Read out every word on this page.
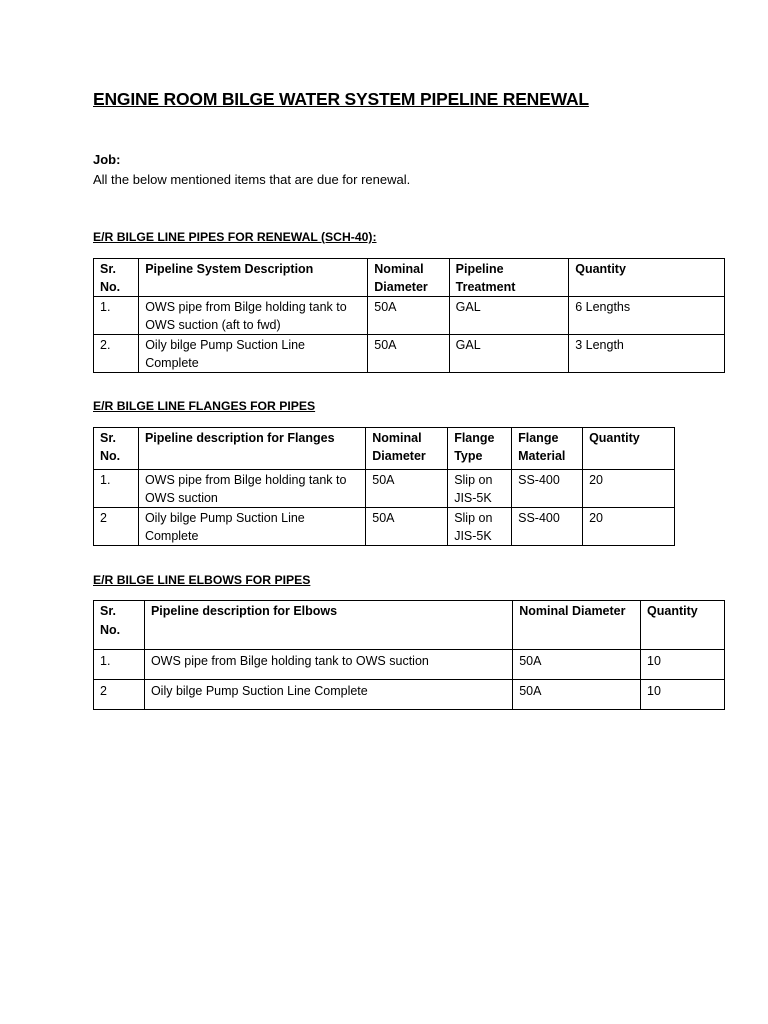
ENGINE ROOM BILGE WATER SYSTEM PIPELINE RENEWAL
Job:
All the below mentioned items that are due for renewal.
E/R BILGE LINE PIPES FOR RENEWAL (SCH-40):
Sr. No.	Pipeline System Description	Nominal Diameter	Pipeline Treatment	Quantity
1.	OWS pipe from Bilge holding tank to OWS suction (aft to fwd)	50A	GAL	6 Lengths
2.	Oily bilge Pump Suction Line Complete	50A	GAL	3 Length
E/R BILGE LINE FLANGES FOR PIPES
Sr. No.	Pipeline description for Flanges	Nominal Diameter	Flange Type	Flange Material	Quantity
1.	OWS pipe from Bilge holding tank to OWS suction	50A	Slip on JIS-5K	SS-400	20
2	Oily bilge Pump Suction Line Complete	50A	Slip on JIS-5K	SS-400	20
E/R BILGE LINE ELBOWS FOR PIPES
Sr. No.	Pipeline description for Elbows	Nominal Diameter	Quantity
1.	OWS pipe from Bilge holding tank to OWS suction	50A	10
2	Oily bilge Pump Suction Line Complete	50A	10
